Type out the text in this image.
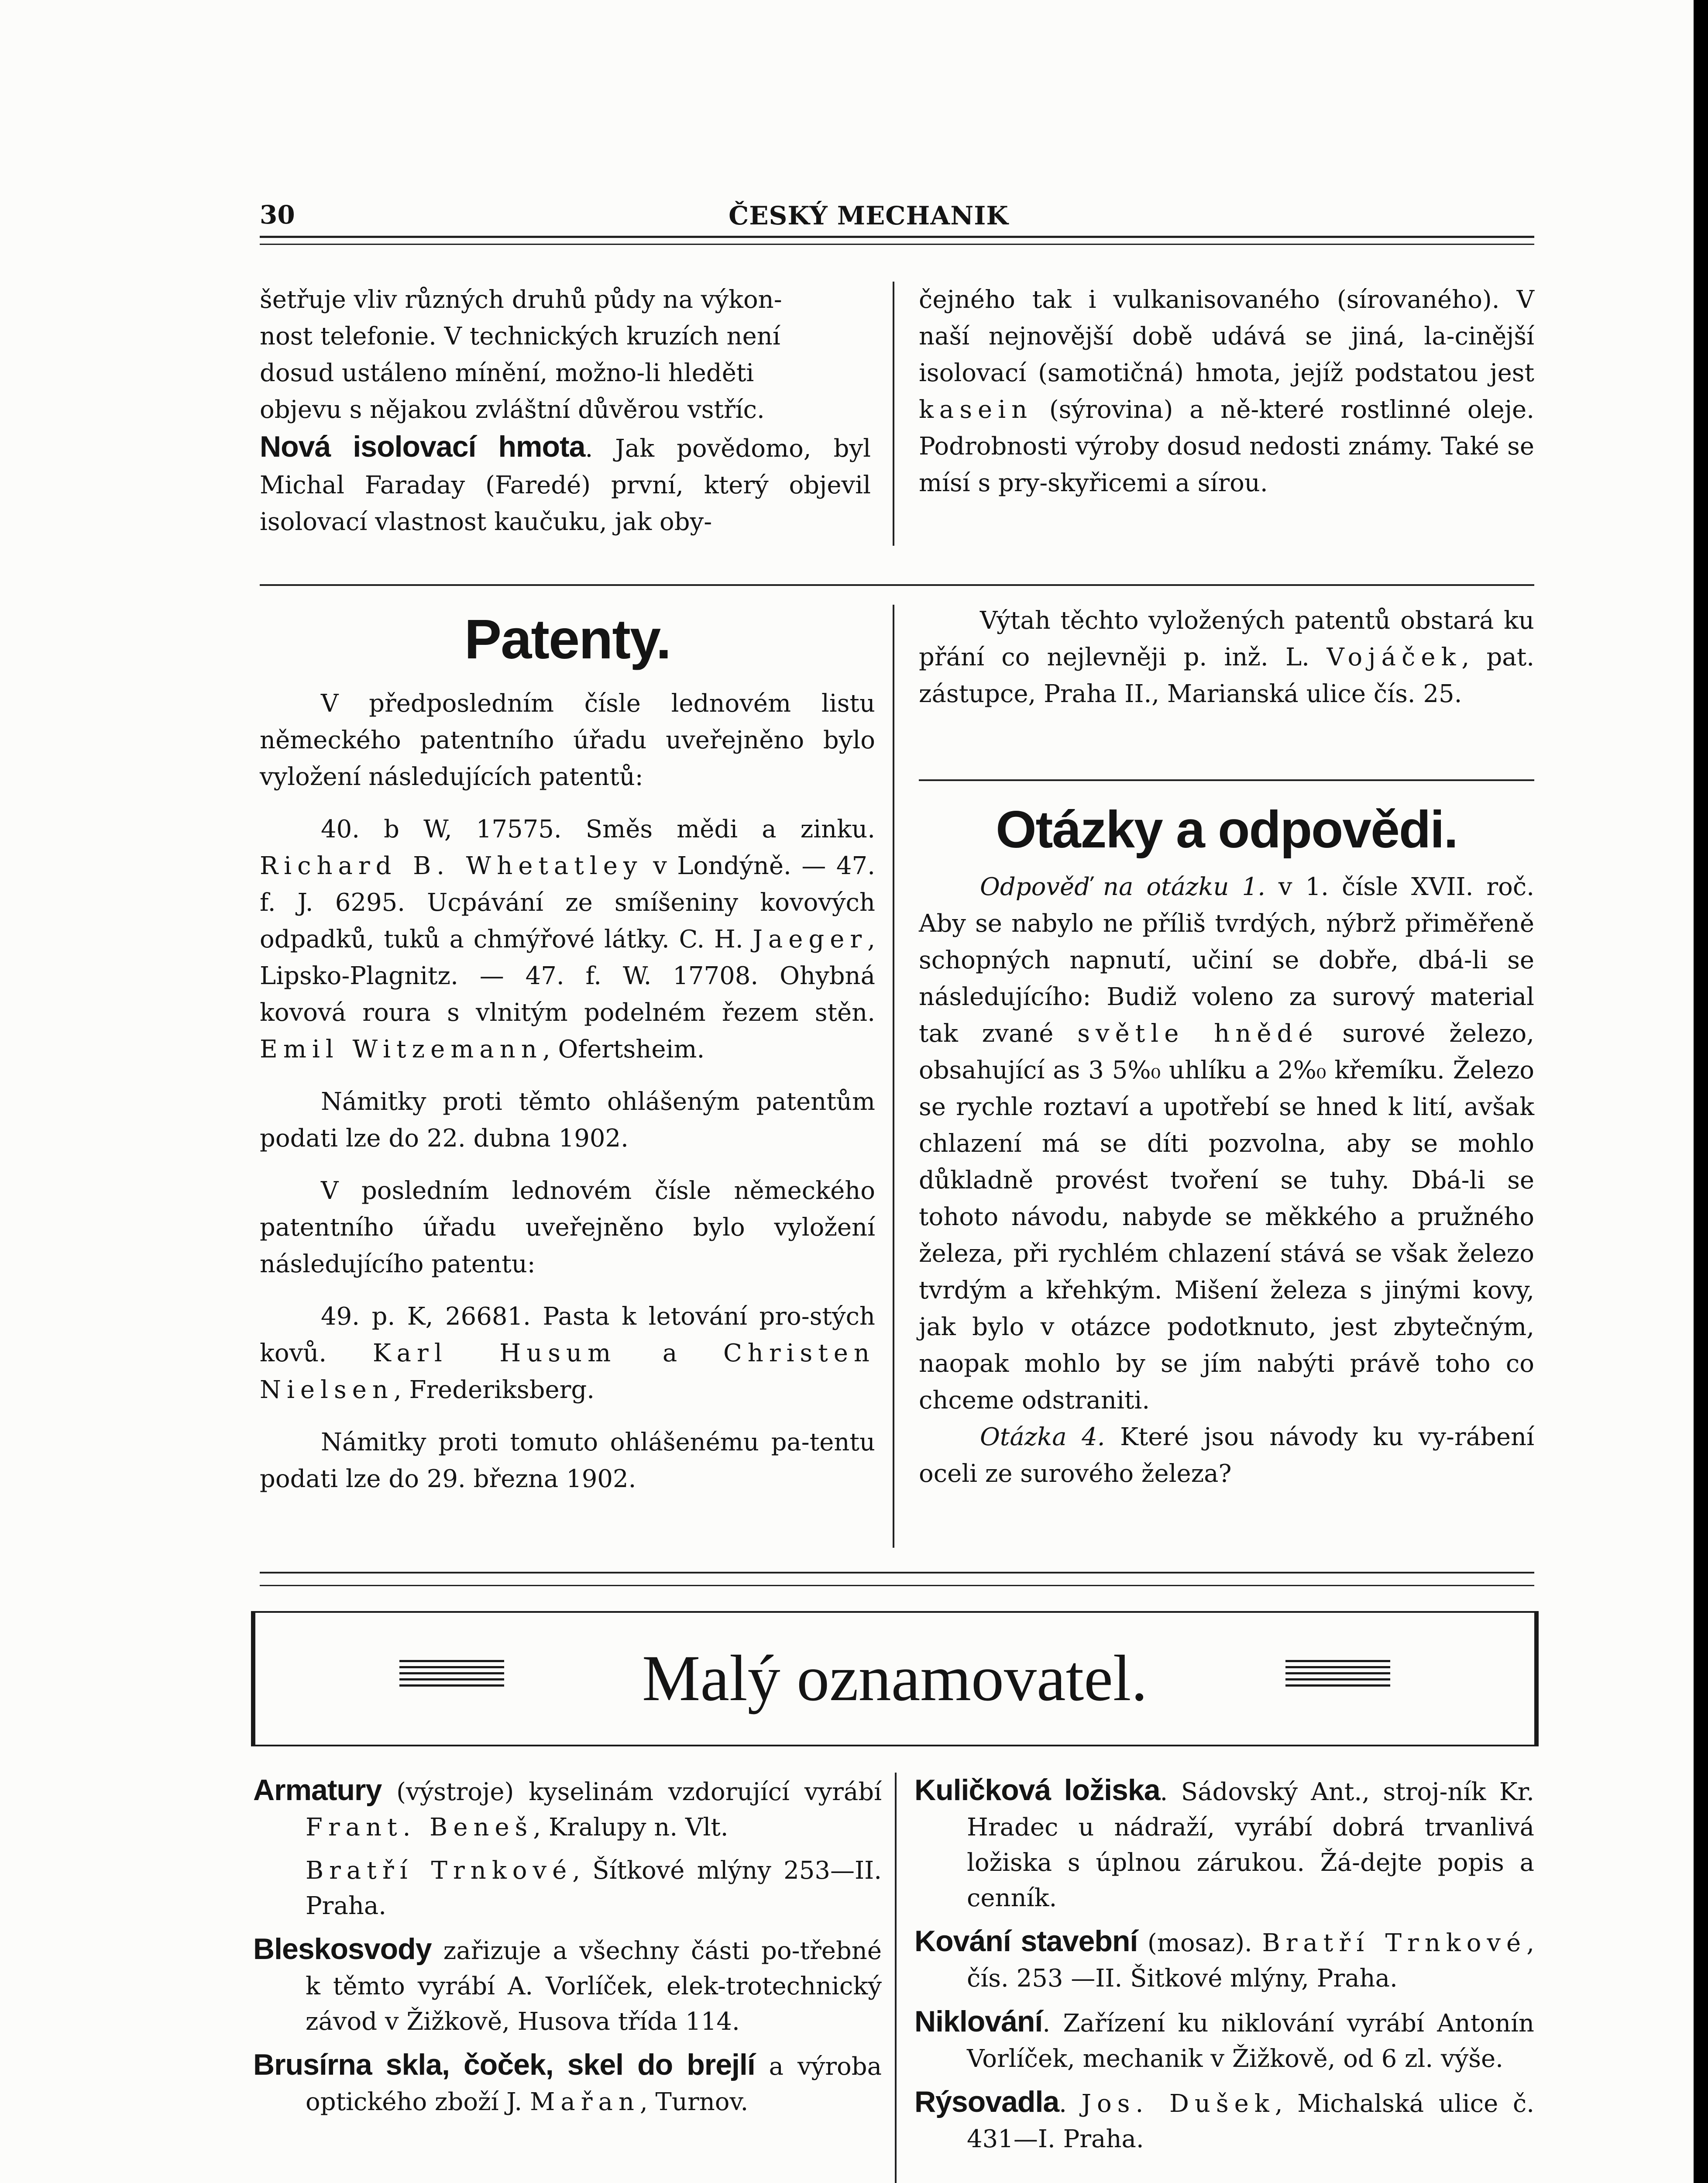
30	ČESKÝ MECHANIK

šetřuje vliv různých druhů půdy na výkon-

nost telefonie. V technických kruzích není

dosud ustáleno mínění, možno-li hleděti

objevu s nějakou zvláštní důvěrou vstříc.

Nová isolovací hmota. Jak povědomo, byl Michal Faraday (Faredé) první, který objevil isolovací vlastnost kaučuku, jak oby-

čejného tak i vulkanisovaného (sírovaného). V naší nejnovější době udává se jiná, la-cinější isolovací (samotičná) hmota, jejíž podstatou jest kasein (sýrovina) a ně-které rostlinné oleje. Podrobnosti výroby dosud nedosti známy. Také se mísí s pry-skyřicemi a sírou.

Patenty.

V předposledním čísle lednovém listu německého patentního úřadu uveřejněno bylo vyložení následujících patentů:

40. b W, 17575. Směs mědi a zinku. Richard B. Whetatley v Londýně. — 47. f. J. 6295. Ucpávání ze smíšeniny kovových odpadků, tuků a chmýřové látky. C. H. Jaeger, Lipsko-Plagnitz. — 47. f. W. 17708. Ohybná kovová roura s vlnitým podelném řezem stěn. Emil Witzemann, Ofertsheim.

Námitky proti těmto ohlášeným patentům podati lze do 22. dubna 1902.

V posledním lednovém čísle německého patentního úřadu uveřejněno bylo vyložení následujícího patentu:

49. p. K, 26681. Pasta k letování pro-stých kovů. Karl Husum a Christen Nielsen, Frederiksberg.

Námitky proti tomuto ohlášenému pa-tentu podati lze do 29. března 1902.

Výtah těchto vyložených patentů obstará ku přání co nejlevněji p. inž. L. Vojáček, pat. zástupce, Praha II., Marianská ulice čís. 25.

Otázky a odpovědi.

Odpověď na otázku 1. v 1. čísle XVII. roč. Aby se nabylo ne příliš tvrdých, nýbrž přiměřeně schopných napnutí, učiní se dobře, dbá-li se následujícího: Budiž voleno za surový material tak zvané světle hnědé surové železo, obsahující as 3 5%₀ uhlíku a 2%₀ křemíku. Železo se rychle roztaví a upotřebí se hned k lití, avšak chlazení má se díti pozvolna, aby se mohlo důkladně provést tvoření se tuhy. Dbá-li se tohoto návodu, nabyde se měkkého a pružného železa, při rychlém chlazení stává se však železo tvrdým a křehkým. Mišení železa s jinými kovy, jak bylo v otázce podotknuto, jest zbytečným, naopak mohlo by se jím nabýti právě toho co chceme odstraniti.

Otázka 4. Které jsou návody ku vy-rábení oceli ze surového železa?

Malý oznamovatel.

Armatury (výstroje) kyselinám vzdorující vyrábí Frant. Beneš, Kralupy n. Vlt.

Bratří Trnkové, Šítkové mlýny 253—II. Praha.

Bleskosvody zařizuje a všechny části po-třebné k těmto vyrábí A. Vorlíček, elek-trotechnický závod v Žižkově, Husova třída 114.

Brusírna skla, čoček, skel do brejlí a výroba optického zboží J. Mařan, Turnov.

Kuličková ložiska. Sádovský Ant., stroj-ník Kr. Hradec u nádraží, vyrábí dobrá trvanlivá ložiska s úplnou zárukou. Žá-dejte popis a cenník.

Kování stavební (mosaz). Bratří Trnkové, čís. 253 —II. Šitkové mlýny, Praha.

Niklování. Zařízení ku niklování vyrábí Antonín Vorlíček, mechanik v Žižkově, od 6 zl. výše.

Rýsovadla. Jos. Dušek, Michalská ulice č. 431—I. Praha.
